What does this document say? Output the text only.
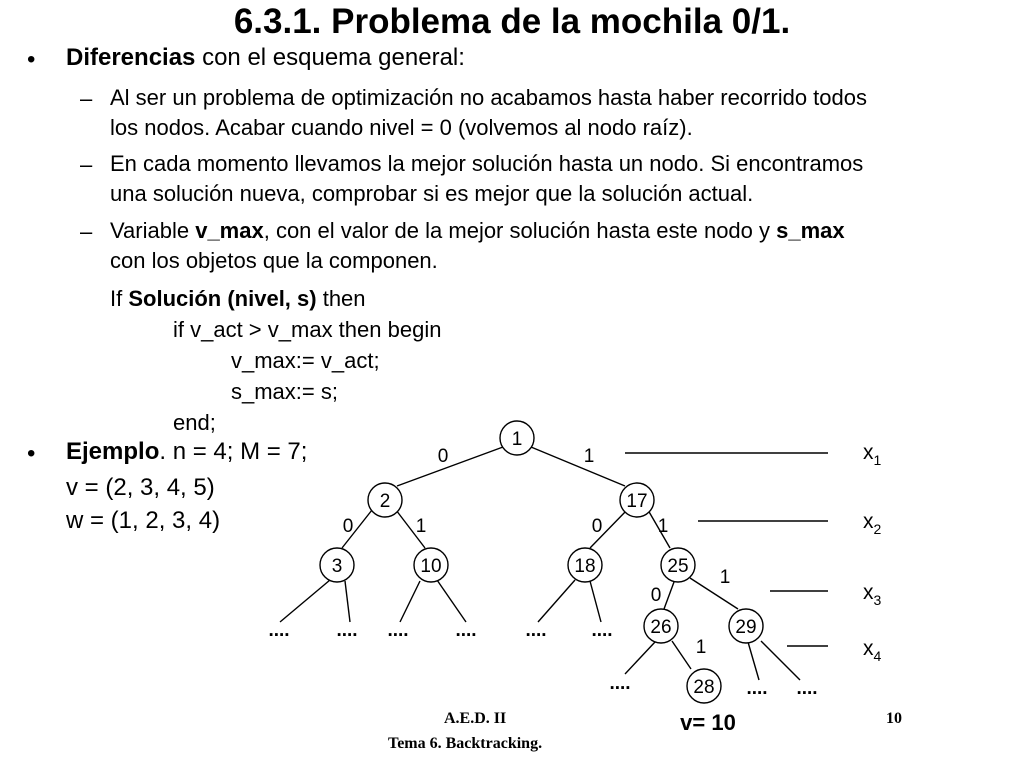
6.3.1. Problema de la mochila 0/1.
• Diferencias con el esquema general:
– Al ser un problema de optimización no acabamos hasta haber recorrido todos
los nodos. Acabar cuando nivel = 0 (volvemos al nodo raíz).
– En cada momento llevamos la mejor solución hasta un nodo. Si encontramos
una solución nueva, comprobar si es mejor que la solución actual.
– Variable v_max, con el valor de la mejor solución hasta este nodo y s_max
con los objetos que la componen.
If Solución (nivel, s) then
if v_act > v_max then begin
v_max:= v_act;
s_max:= s;
end;
• Ejemplo. n = 4; M = 7;
v = (2, 3, 4, 5)
w = (1, 2, 3, 4)
1
2	17
3	10	18	25
26	29
28
0	1
0	1	0	1
1
0
1
.... .... .... ....	.... ....
....	.... ....
$x_1$
$x_2$
$x_3$
$x_4$
v= 10
A.E.D. II
Tema 6. Backtracking.
10
